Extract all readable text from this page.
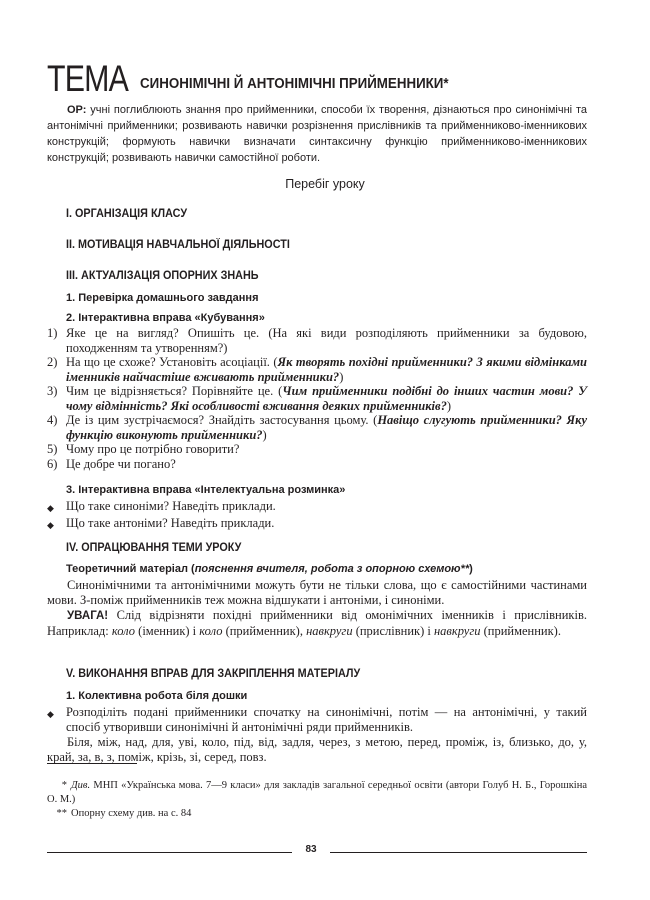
ТЕМА СИНОНІМІЧНІ Й АНТОНІМІЧНІ ПРИЙМЕННИКИ*
ОР: учні поглиблюють знання про прийменники, способи їх творення, дізнаються про синонімічні та антонімічні прийменники; розвивають навички розрізнення прислівників та прийменниково-іменникових конструкцій; формують навички визначати синтаксичну функцію прийменниково-іменникових конструкцій; розвивають навички самостійної роботи.
Перебіг уроку
I. ОРГАНІЗАЦІЯ КЛАСУ
II. МОТИВАЦІЯ НАВЧАЛЬНОЇ ДІЯЛЬНОСТІ
III. АКТУАЛІЗАЦІЯ ОПОРНИХ ЗНАНЬ
1. Перевірка домашнього завдання
2. Інтерактивна вправа «Кубування»
1) Яке це на вигляд? Опишіть це. (На які види розподіляють прийменники за будовою, походженням та утворенням?)
2) На що це схоже? Установіть асоціації. (Як творять похідні прийменники? З якими відмінками іменників найчастіше вживають прийменники?)
3) Чим це відрізняється? Порівняйте це. (Чим прийменники подібні до інших частин мови? У чому відмінність? Які особливості вживання деяких прийменників?)
4) Де із цим зустрічаємося? Знайдіть застосування цьому. (Навіщо слугують прийменники? Яку функцію виконують прийменники?)
5) Чому про це потрібно говорити?
6) Це добре чи погано?
3. Інтерактивна вправа «Інтелектуальна розминка»
◆ Що таке синоніми? Наведіть приклади.
◆ Що таке антоніми? Наведіть приклади.
IV. ОПРАЦЮВАННЯ ТЕМИ УРОКУ
Теоретичний матеріал (пояснення вчителя, робота з опорною схемою**)
Синонімічними та антонімічними можуть бути не тільки слова, що є самостійними частинами мови. З-поміж прийменників теж можна відшукати і антоніми, і синоніми.
УВАГА! Слід відрізняти похідні прийменники від омонімічних іменників і прислівників. Наприклад: коло (іменник) і коло (прийменник), навкруги (прислівник) і навкруги (прийменник).
V. ВИКОНАННЯ ВПРАВ ДЛЯ ЗАКРІПЛЕННЯ МАТЕРІАЛУ
1. Колективна робота біля дошки
◆ Розподіліть подані прийменники спочатку на синонімічні, потім — на антонімічні, у такий спосіб утворивши синонімічні й антонімічні ряди прийменників.
Біля, між, над, для, уві, коло, під, від, задля, через, з метою, перед, проміж, із, близько, до, у, край, за, в, з, поміж, крізь, зі, серед, повз.
* Див. МНП «Українська мова. 7—9 класи» для закладів загальної середньої освіти (автори Голуб Н. Б., Горошкіна О. М.)
** Опорну схему див. на с. 84
83
